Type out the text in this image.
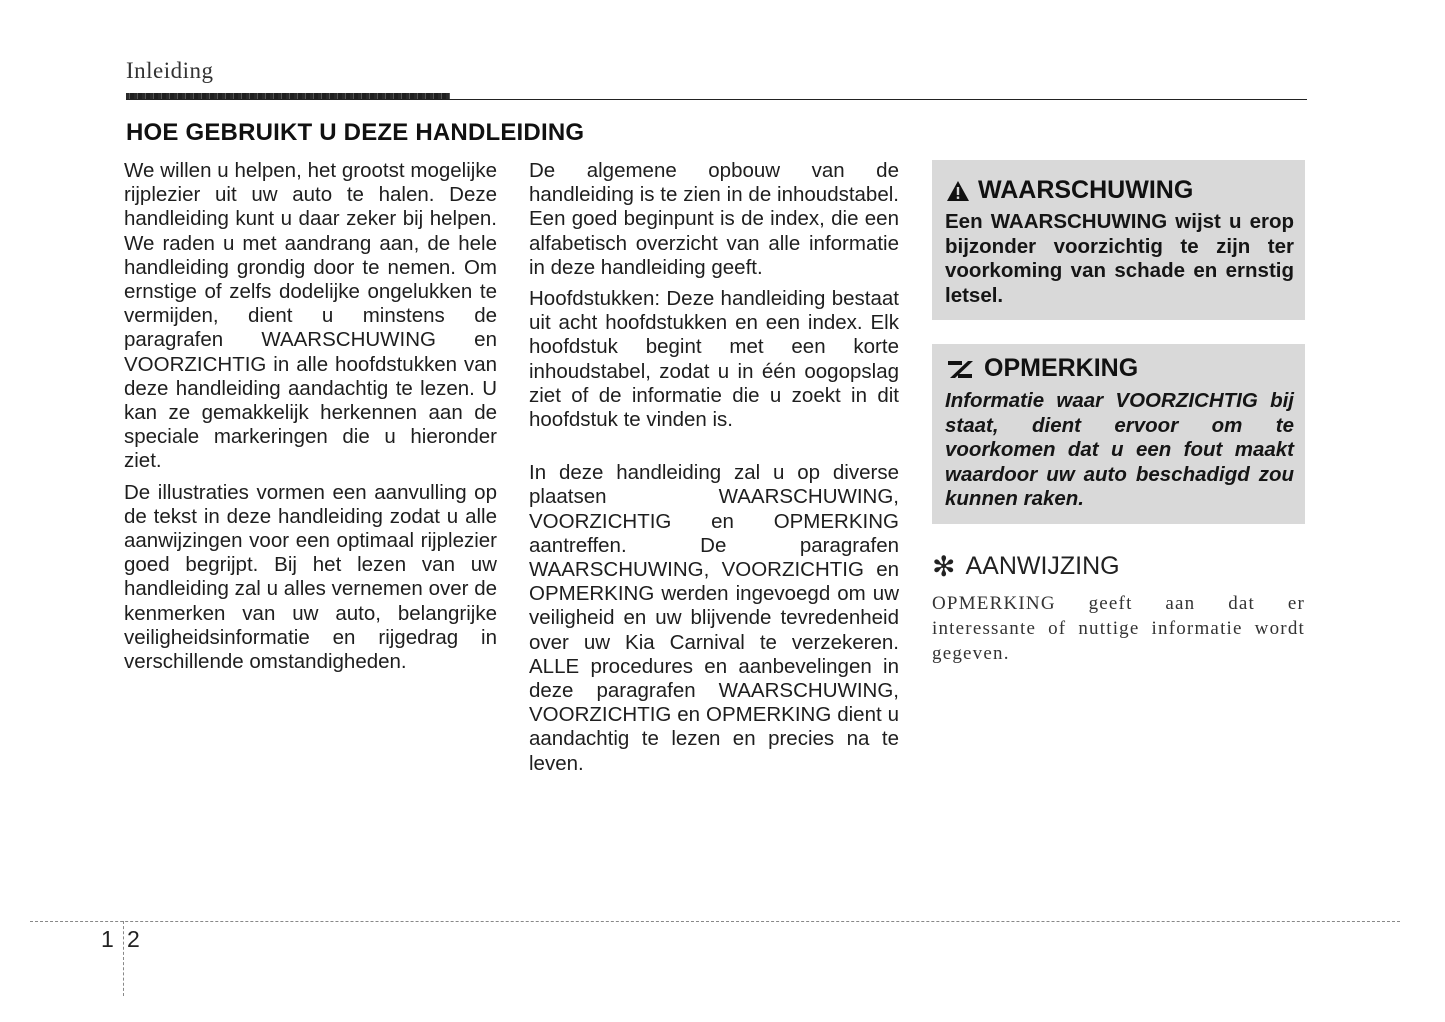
Inleiding
HOE GEBRUIKT U DEZE HANDLEIDING

We willen u helpen, het grootst mogelijke rijplezier uit uw auto te halen. Deze handleiding kunt u daar zeker bij helpen. We raden u met aandrang aan, de hele handleiding grondig door te nemen. Om ernstige of zelfs dodelijke ongelukken te vermijden, dient u minstens de paragrafen WAARSCHUWING en VOORZICHTIG in alle hoofdstukken van deze handleiding aandachtig te lezen. U kan ze gemakkelijk herkennen aan de speciale markeringen die u hieronder ziet.

De illustraties vormen een aanvulling op de tekst in deze handleiding zodat u alle aanwijzingen voor een optimaal rijplezier goed begrijpt. Bij het lezen van uw handleiding zal u alles vernemen over de kenmerken van uw auto, belangrijke veiligheidsinformatie en rijgedrag in verschillende omstandigheden.

De algemene opbouw van de handleiding is te zien in de inhoudstabel. Een goed beginpunt is de index, die een alfabetisch overzicht van alle informatie in deze handleiding geeft.

Hoofdstukken: Deze handleiding bestaat uit acht hoofdstukken en een index. Elk hoofdstuk begint met een korte inhoudstabel, zodat u in één oogopslag ziet of de informatie die u zoekt in dit hoofdstuk te vinden is.

In deze handleiding zal u op diverse plaatsen WAARSCHUWING, VOORZICHTIG en OPMERKING aantreffen. De paragrafen WAARSCHUWING, VOORZICHTIG en OPMERKING werden ingevoegd om uw veiligheid en uw blijvende tevredenheid over uw Kia Carnival te verzekeren. ALLE procedures en aanbevelingen in deze paragrafen WAARSCHUWING, VOORZICHTIG en OPMERKING dient u aandachtig te lezen en precies na te leven.

WAARSCHUWING
Een WAARSCHUWING wijst u erop bijzonder voorzichtig te zijn ter voorkoming van schade en ernstig letsel.
OPMERKING
Informatie waar VOORZICHTIG bij staat, dient ervoor om te voorkomen dat u een fout maakt waardoor uw auto beschadigd zou kunnen raken.
✻ AANWIJZING
OPMERKING geeft aan dat er interessante of nuttige informatie wordt gegeven.
1 2
